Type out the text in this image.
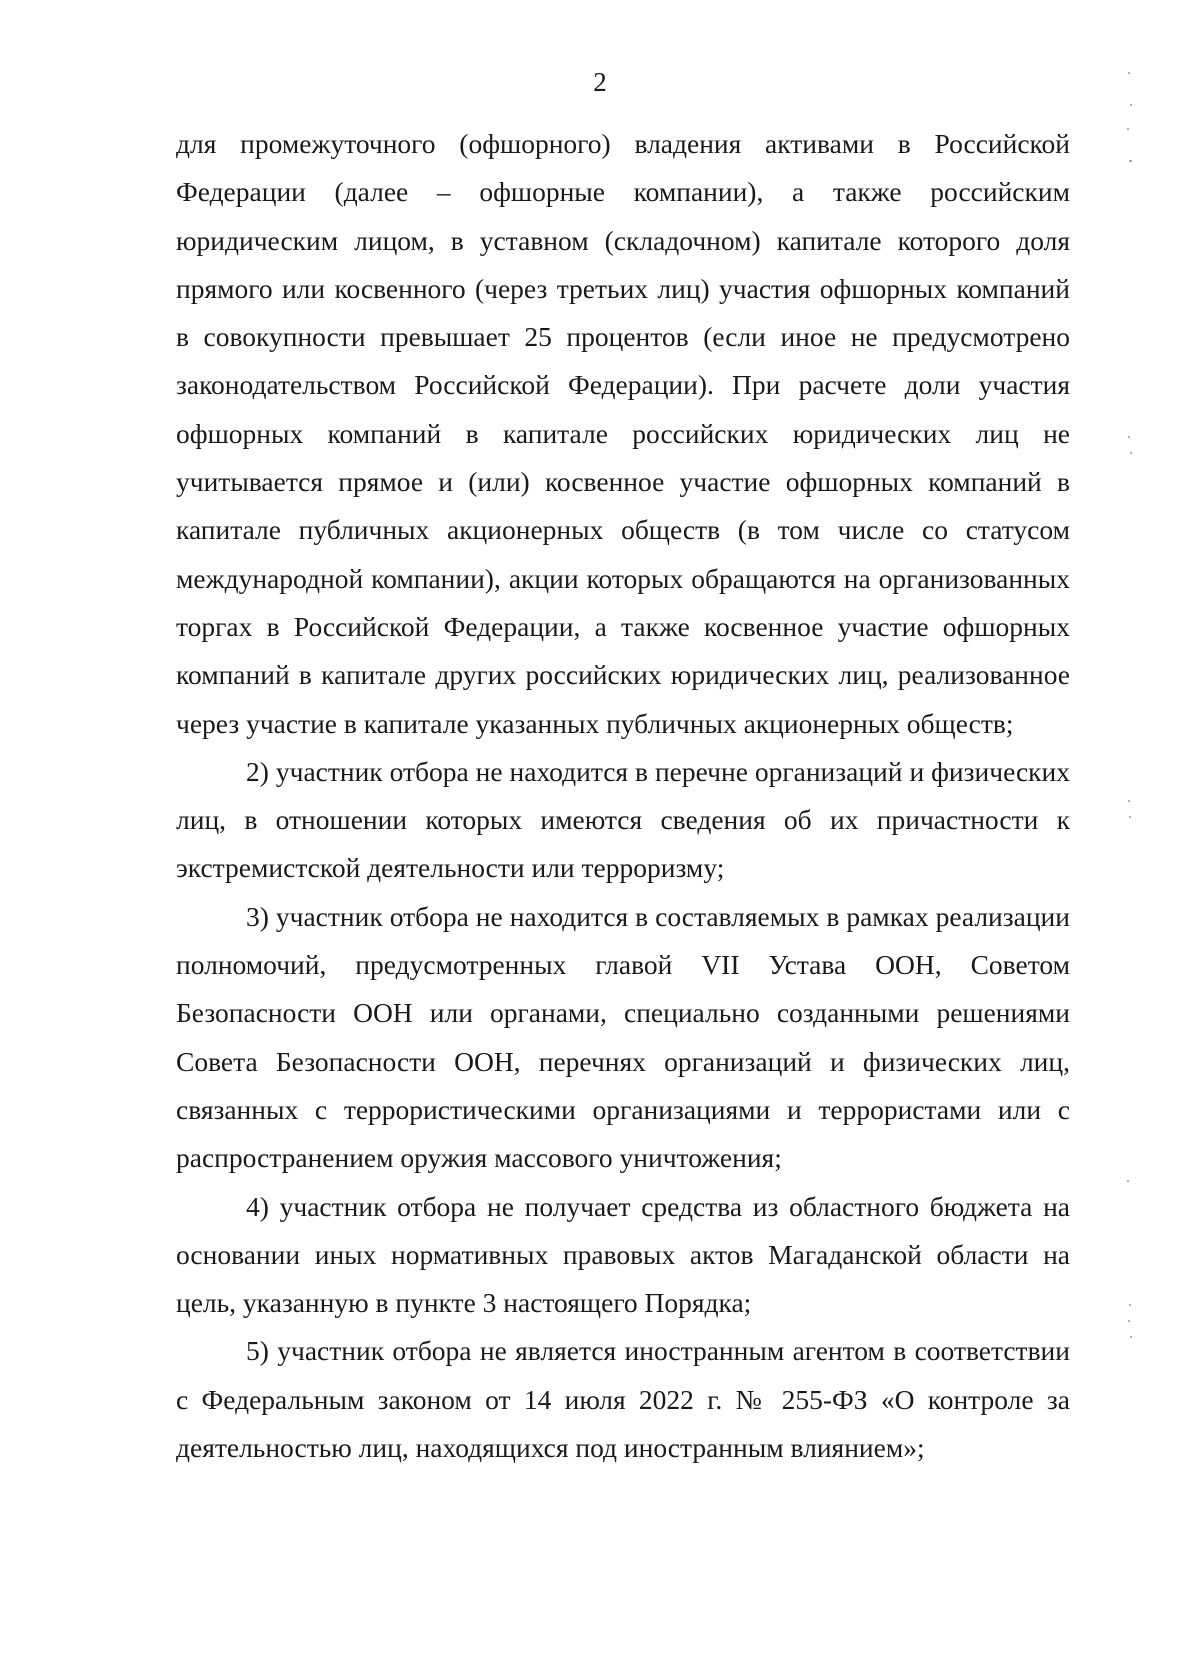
2

для промежуточного (офшорного) владения активами в Российской Федерации (далее – офшорные компании), а также российским юридическим лицом, в уставном (складочном) капитале которого доля прямого или косвенного (через третьих лиц) участия офшорных компаний в совокупности превышает 25 процентов (если иное не предусмотрено законодательством Российской Федерации). При расчете доли участия офшорных компаний в капитале российских юридических лиц не учитывается прямое и (или) косвенное участие офшорных компаний в капитале публичных акционерных обществ (в том числе со статусом международной компании), акции которых обращаются на организованных торгах в Российской Федерации, а также косвенное участие офшорных компаний в капитале других российских юридических лиц, реализованное через участие в капитале указанных публичных акционерных обществ;

2) участник отбора не находится в перечне организаций и физических лиц, в отношении которых имеются сведения об их причастности к экстремистской деятельности или терроризму;

3) участник отбора не находится в составляемых в рамках реализации полномочий, предусмотренных главой VII Устава ООН, Советом Безопасности ООН или органами, специально созданными решениями Совета Безопасности ООН, перечнях организаций и физических лиц, связанных с террористическими организациями и террористами или с распространением оружия массового уничтожения;

4) участник отбора не получает средства из областного бюджета на основании иных нормативных правовых актов Магаданской области на цель, указанную в пункте 3 настоящего Порядка;

5) участник отбора не является иностранным агентом в соответствии с Федеральным законом от 14 июля 2022 г. № 255-ФЗ «О контроле за деятельностью лиц, находящихся под иностранным влиянием»;
